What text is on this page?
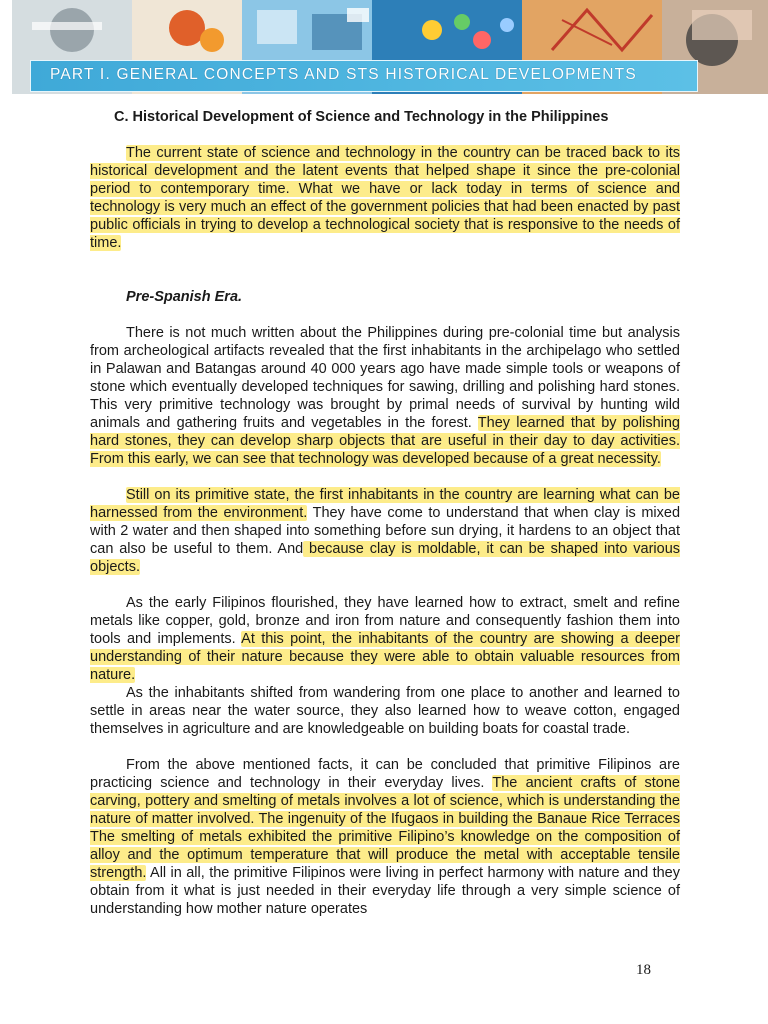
PART I. GENERAL CONCEPTS AND STS HISTORICAL DEVELOPMENTS
C. Historical Development of Science and Technology in the Philippines

The current state of science and technology in the country can be traced back to its historical development and the latent events that helped shape it since the pre-colonial period to contemporary time. What we have or lack today in terms of science and technology is very much an effect of the government policies that had been enacted by past public officials in trying to develop a technological society that is responsive to the needs of time.

Pre-Spanish Era.

There is not much written about the Philippines during pre-colonial time but analysis from archeological artifacts revealed that the first inhabitants in the archipelago who settled in Palawan and Batangas around 40 000 years ago have made simple tools or weapons of stone which eventually developed techniques for sawing, drilling and polishing hard stones. This very primitive technology was brought by primal needs of survival by hunting wild animals and gathering fruits and vegetables in the forest. They learned that by polishing hard stones, they can develop sharp objects that are useful in their day to day activities. From this early, we can see that technology was developed because of a great necessity.

Still on its primitive state, the first inhabitants in the country are learning what can be harnessed from the environment. They have come to understand that when clay is mixed with 2 water and then shaped into something before sun drying, it hardens to an object that can also be useful to them. And because clay is moldable, it can be shaped into various objects.

As the early Filipinos flourished, they have learned how to extract, smelt and refine metals like copper, gold, bronze and iron from nature and consequently fashion them into tools and implements. At this point, the inhabitants of the country are showing a deeper understanding of their nature because they were able to obtain valuable resources from nature.

As the inhabitants shifted from wandering from one place to another and learned to settle in areas near the water source, they also learned how to weave cotton, engaged themselves in agriculture and are knowledgeable on building boats for coastal trade.

From the above mentioned facts, it can be concluded that primitive Filipinos are practicing science and technology in their everyday lives. The ancient crafts of stone carving, pottery and smelting of metals involves a lot of science, which is understanding the nature of matter involved. The ingenuity of the Ifugaos in building the Banaue Rice Terraces The smelting of metals exhibited the primitive Filipino’s knowledge on the composition of alloy and the optimum temperature that will produce the metal with acceptable tensile strength. All in all, the primitive Filipinos were living in perfect harmony with nature and they obtain from it what is just needed in their everyday life through a very simple science of understanding how mother nature operates

18
